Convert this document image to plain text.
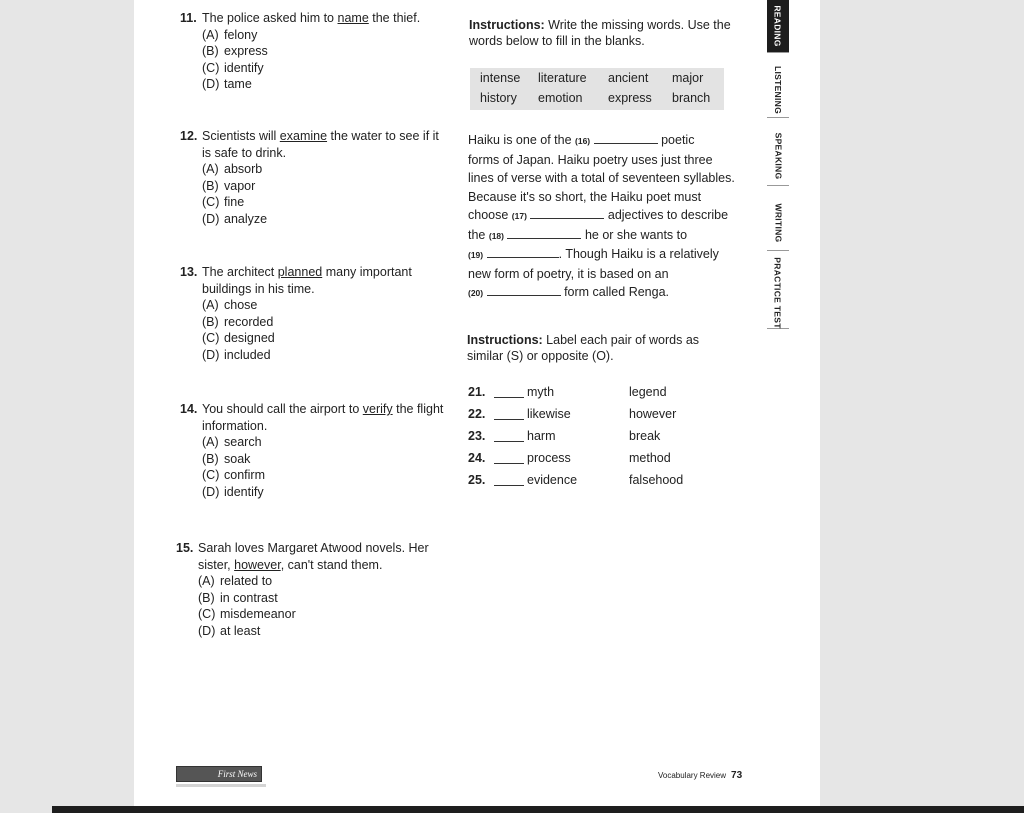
11. The police asked him to name the thief.
(A) felony
(B) express
(C) identify
(D) tame
12. Scientists will examine the water to see if it is safe to drink.
(A) absorb
(B) vapor
(C) fine
(D) analyze
13. The architect planned many important buildings in his time.
(A) chose
(B) recorded
(C) designed
(D) included
14. You should call the airport to verify the flight information.
(A) search
(B) soak
(C) confirm
(D) identify
15. Sarah loves Margaret Atwood novels. Her sister, however, can't stand them.
(A) related to
(B) in contrast
(C) misdemeanor
(D) at least
Instructions: Write the missing words. Use the words below to fill in the blanks.
intense literature ancient major
history emotion express branch
Haiku is one of the (16)	poetic
forms of Japan. Haiku poetry uses just three
lines of verse with a total of seventeen syllables.
Because it's so short, the Haiku poet must
choose (17)	adjectives to describe
the (18)	he or she wants to
(19)	. Though Haiku is a relatively
new form of poetry, it is based on an
(20)	form called Renga.
Instructions: Label each pair of words as similar (S) or opposite (O).
21.	myth	legend
22.	likewise	however
23.	harm	break
24.	process	method
25.	evidence	falsehood
READING
LISTENING
SPEAKING
WRITING
PRACTICE TEST
First News	Vocabulary Review 73
